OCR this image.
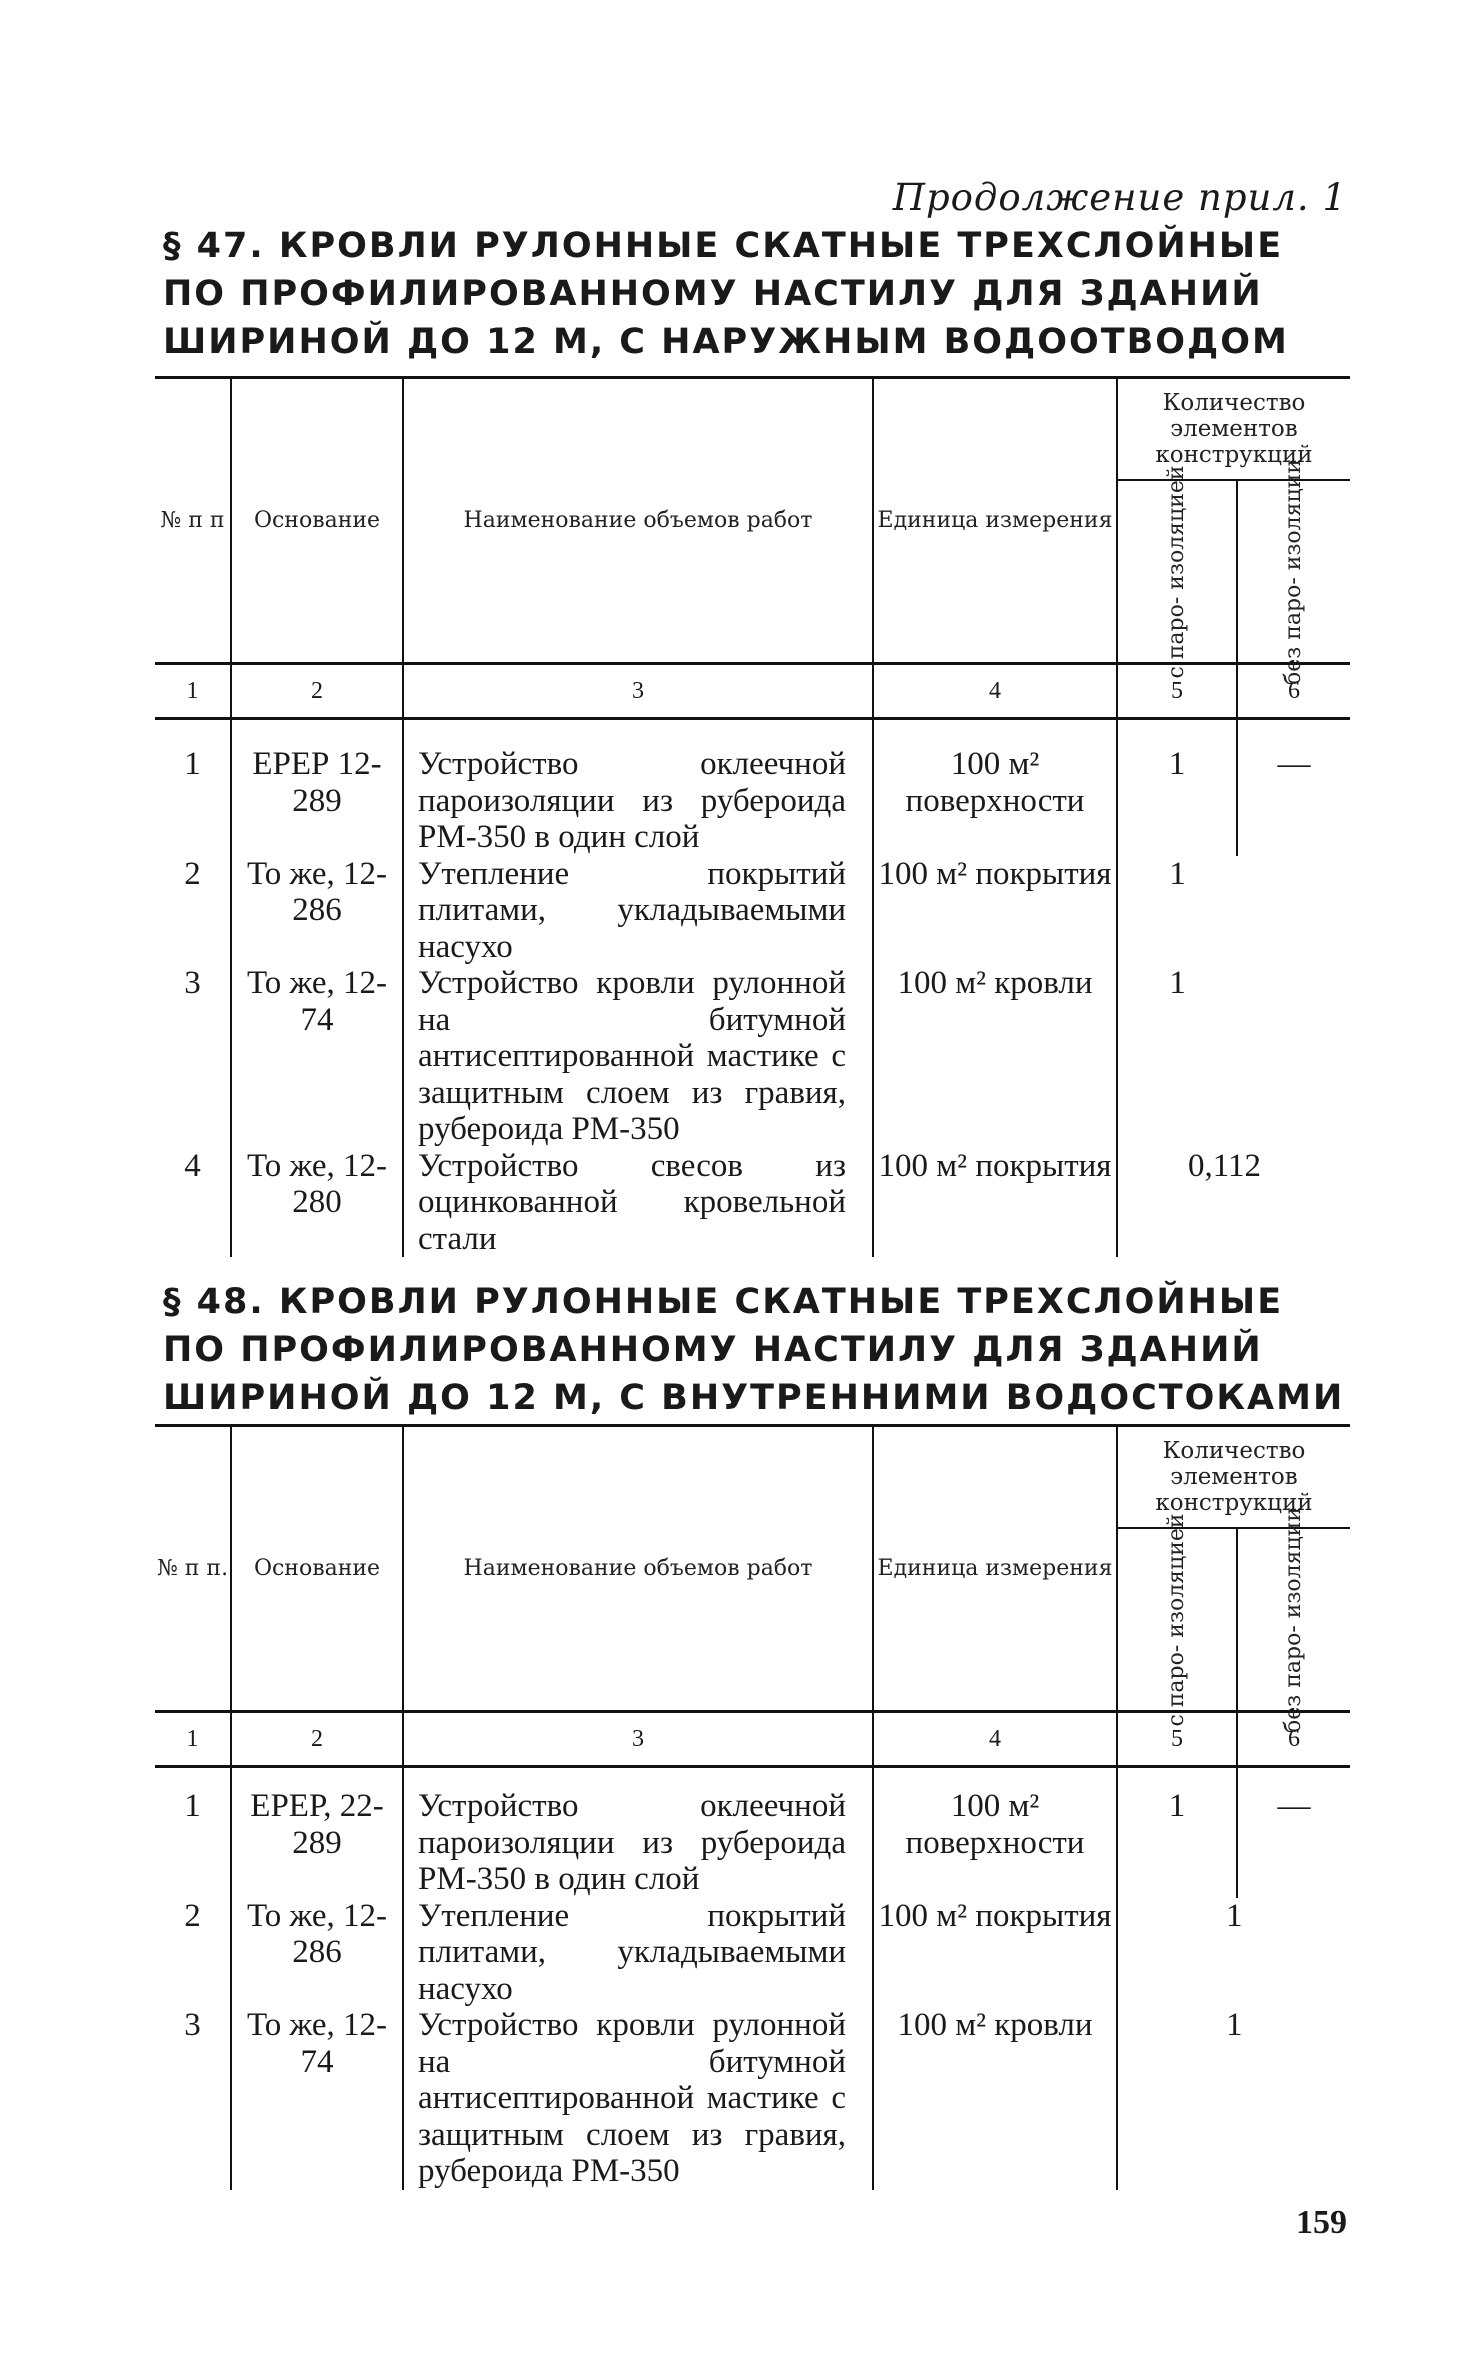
Продолжение прил. 1
§ 47. КРОВЛИ РУЛОННЫЕ СКАТНЫЕ ТРЕХСЛОЙНЫЕ
ПО ПРОФИЛИРОВАННОМУ НАСТИЛУ ДЛЯ ЗДАНИЙ
ШИРИНОЙ ДО 12 М, С НАРУЖНЫМ ВОДООТВОДОМ
№ п п	Основание	Наименование объемов работ	Единица измерения	Количество элементов конструкций	

				с паро- изоляцией	без паро- изоляции

1	2	3	4	5	6
1	ЕРЕР 12-289	Устройство оклеечной пароизоляции из рубероида РМ-350 в один слой	100 м² поверхности	1	—
2	То же, 12-286	Утепление покрытий плитами, укладываемыми насухо	100 м² покрытия	1	
3	То же, 12-74	Устройство кровли рулонной на битумной антисептированной мастике с защитным слоем из гравия, рубероида РМ-350	100 м² кровли	1	
4	То же, 12-280	Устройство свесов из оцинкованной кровельной стали	100 м² покрытия	0,112	
§ 48. КРОВЛИ РУЛОННЫЕ СКАТНЫЕ ТРЕХСЛОЙНЫЕ
ПО ПРОФИЛИРОВАННОМУ НАСТИЛУ ДЛЯ ЗДАНИЙ
ШИРИНОЙ ДО 12 М, С ВНУТРЕННИМИ ВОДОСТОКАМИ
№ п п.	Основание	Наименование объемов работ	Единица измерения	Количество элементов конструкций	

				с паро- изоляцией	без паро- изоляции

1	2	3	4	5	6
1	ЕРЕР, 22-289	Устройство оклеечной пароизоляции из рубероида РМ-350 в один слой	100 м² поверхности	1	—
2	То же, 12-286	Утепление покрытий плитами, укладываемыми насухо	100 м² покрытия	1	
3	То же, 12-74	Устройство кровли рулонной на битумной антисептированной мастике с защитным слоем из гравия, рубероида РМ-350	100 м² кровли	1	
159
